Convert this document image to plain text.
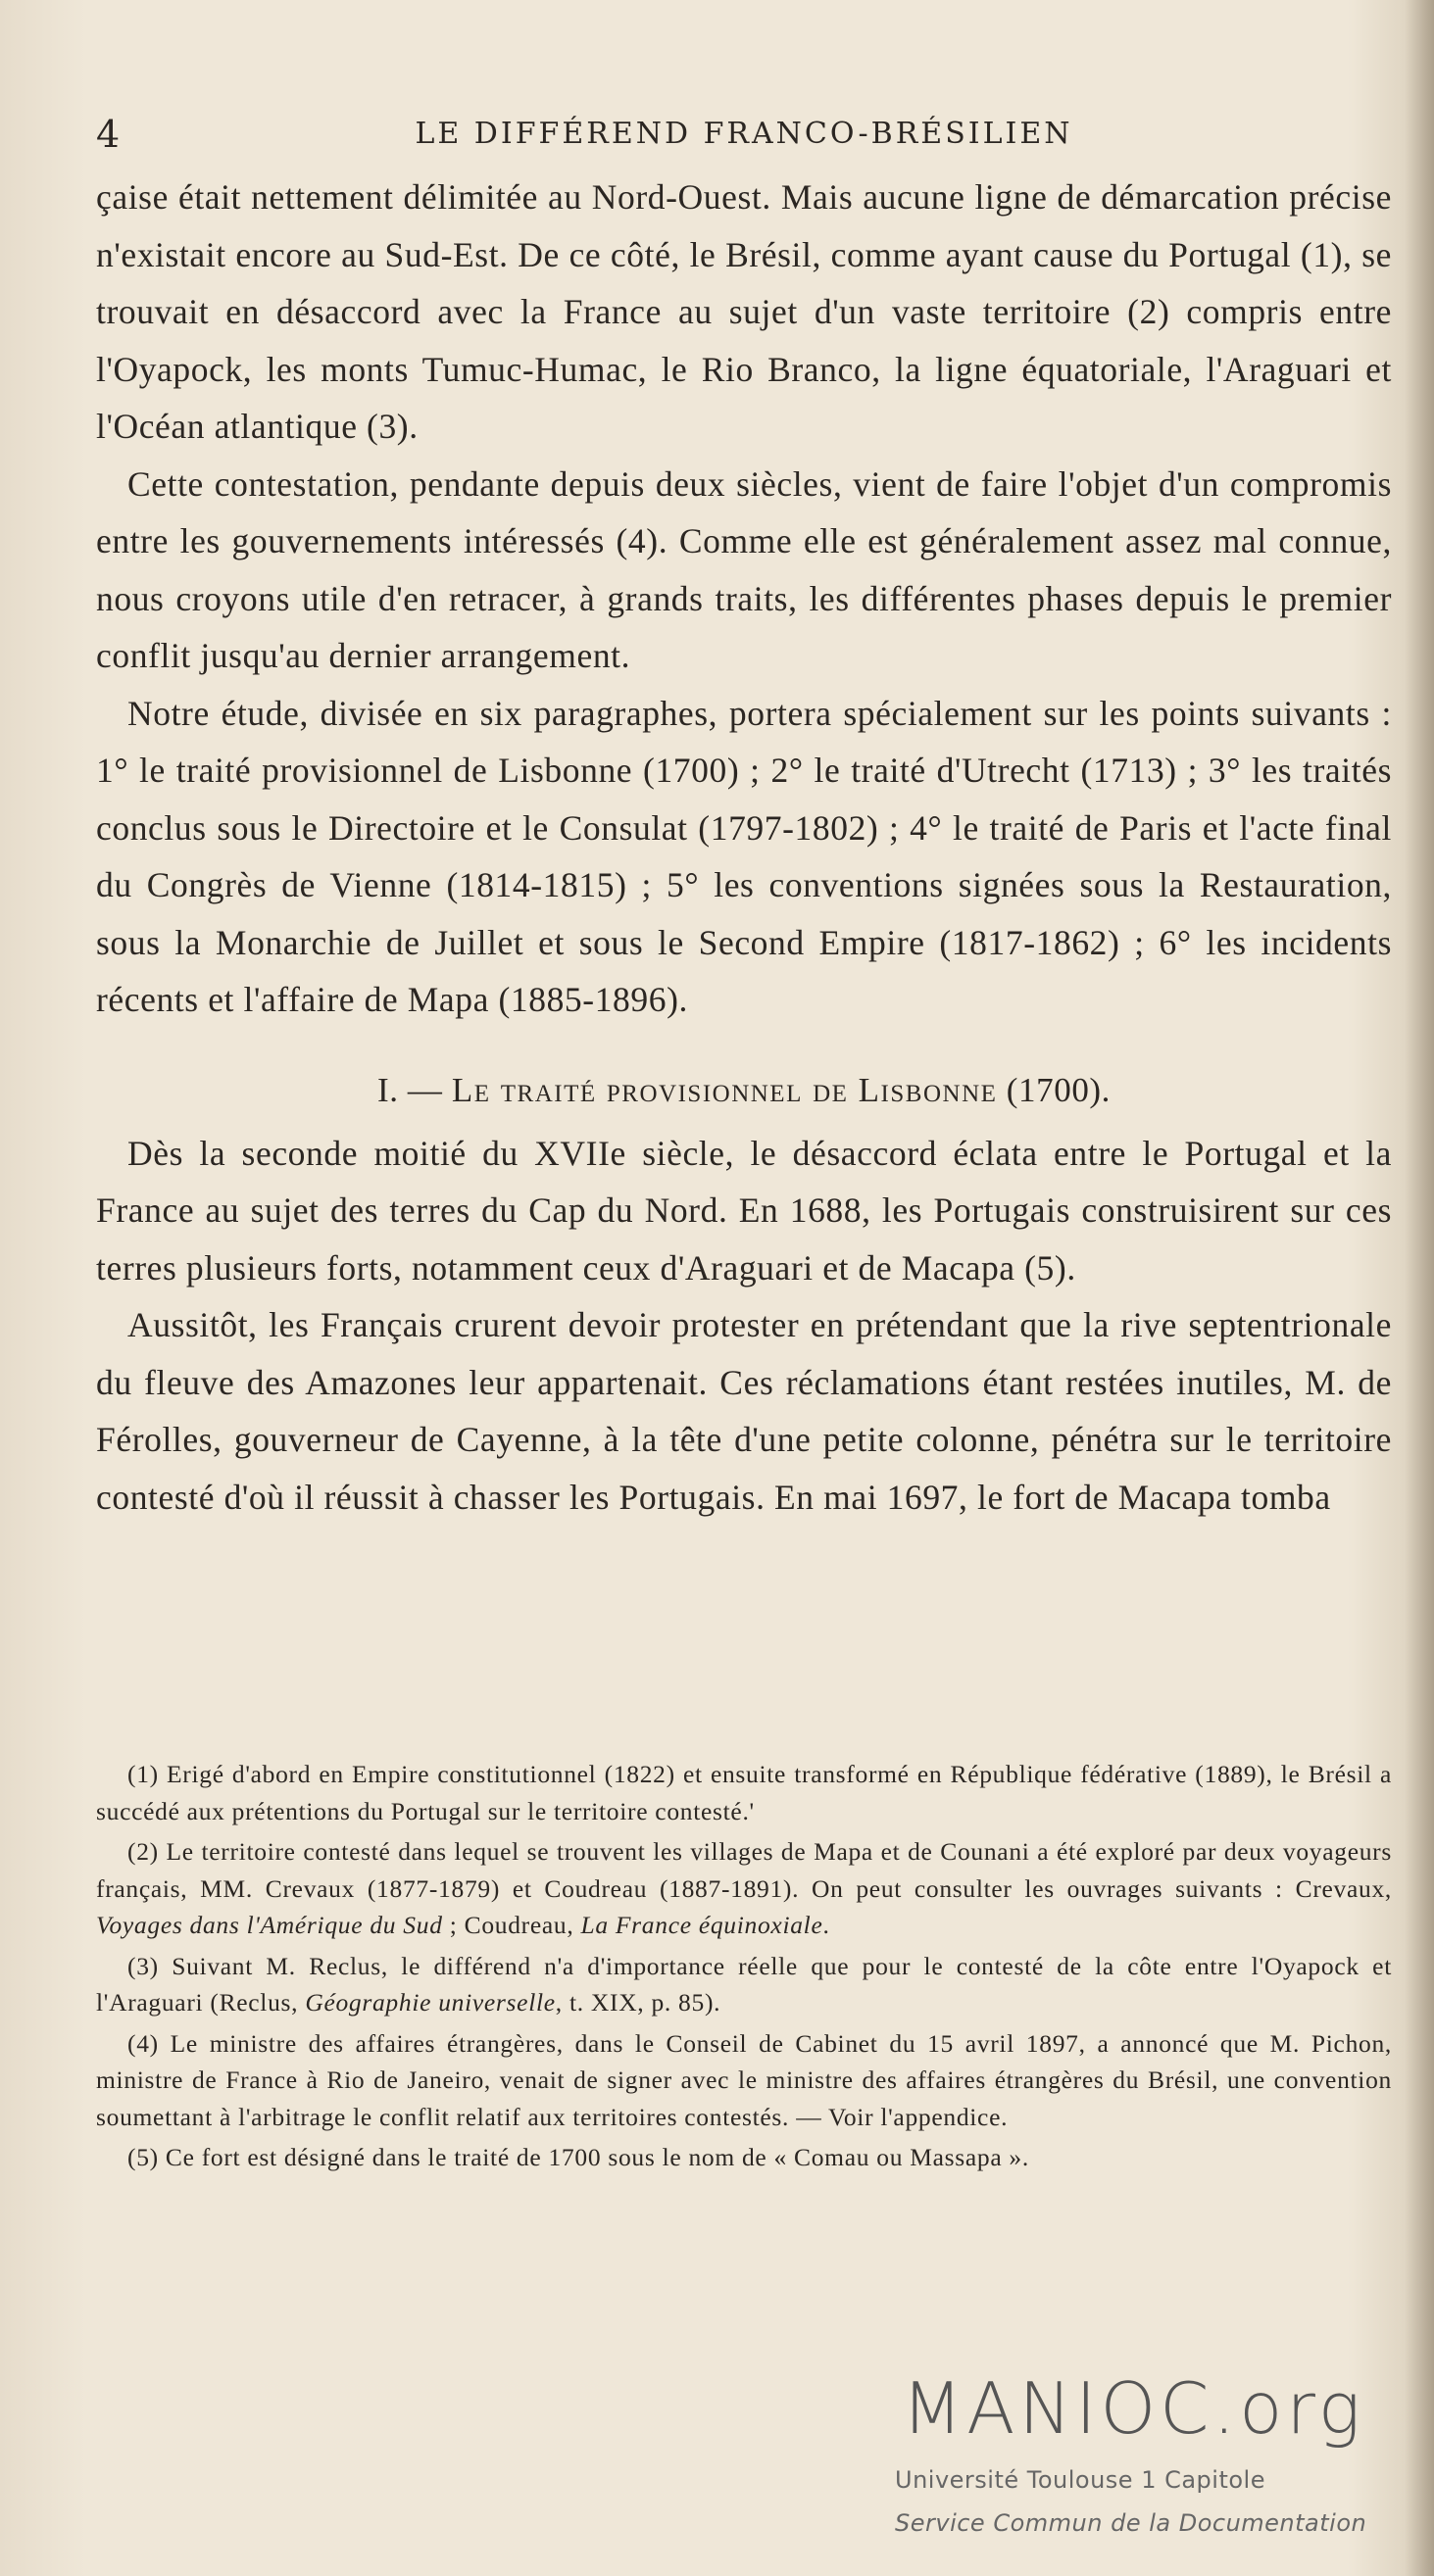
4	LE DIFFÉREND FRANCO-BRÉSILIEN

çaise était nettement délimitée au Nord-Ouest. Mais aucune ligne de démarcation précise n'existait encore au Sud-Est. De ce côté, le Brésil, comme ayant cause du Portugal (1), se trouvait en désaccord avec la France au sujet d'un vaste territoire (2) compris entre l'Oyapock, les monts Tumuc-Humac, le Rio Branco, la ligne équatoriale, l'Araguari et l'Océan atlantique (3).

Cette contestation, pendante depuis deux siècles, vient de faire l'objet d'un compromis entre les gouvernements intéressés (4). Comme elle est généralement assez mal connue, nous croyons utile d'en retracer, à grands traits, les différentes phases depuis le premier conflit jusqu'au dernier arrangement.

Notre étude, divisée en six paragraphes, portera spécialement sur les points suivants : 1° le traité provisionnel de Lisbonne (1700) ; 2° le traité d'Utrecht (1713) ; 3° les traités conclus sous le Directoire et le Consulat (1797-1802) ; 4° le traité de Paris et l'acte final du Congrès de Vienne (1814-1815) ; 5° les conventions signées sous la Restauration, sous la Monarchie de Juillet et sous le Second Empire (1817-1862) ; 6° les incidents récents et l'affaire de Mapa (1885-1896).

I. — Le traité provisionnel de Lisbonne (1700).

Dès la seconde moitié du XVIIe siècle, le désaccord éclata entre le Portugal et la France au sujet des terres du Cap du Nord. En 1688, les Portugais construisirent sur ces terres plusieurs forts, notamment ceux d'Araguari et de Macapa (5).

Aussitôt, les Français crurent devoir protester en prétendant que la rive septentrionale du fleuve des Amazones leur appartenait. Ces réclamations étant restées inutiles, M. de Férolles, gouverneur de Cayenne, à la tête d'une petite colonne, pénétra sur le territoire contesté d'où il réussit à chasser les Portugais. En mai 1697, le fort de Macapa tomba

(1) Erigé d'abord en Empire constitutionnel (1822) et ensuite transformé en République fédérative (1889), le Brésil a succédé aux prétentions du Portugal sur le territoire contesté.'

(2) Le territoire contesté dans lequel se trouvent les villages de Mapa et de Counani a été exploré par deux voyageurs français, MM. Crevaux (1877-1879) et Coudreau (1887-1891). On peut consulter les ouvrages suivants : Crevaux, Voyages dans l'Amérique du Sud ; Coudreau, La France équinoxiale.

(3) Suivant M. Reclus, le différend n'a d'importance réelle que pour le contesté de la côte entre l'Oyapock et l'Araguari (Reclus, Géographie universelle, t. XIX, p. 85).

(4) Le ministre des affaires étrangères, dans le Conseil de Cabinet du 15 avril 1897, a annoncé que M. Pichon, ministre de France à Rio de Janeiro, venait de signer avec le ministre des affaires étrangères du Brésil, une convention soumettant à l'arbitrage le conflit relatif aux territoires contestés. — Voir l'appendice.

(5) Ce fort est désigné dans le traité de 1700 sous le nom de « Comau ou Massapa ».

MANIOC.org
Université Toulouse 1 Capitole
Service Commun de la Documentation
